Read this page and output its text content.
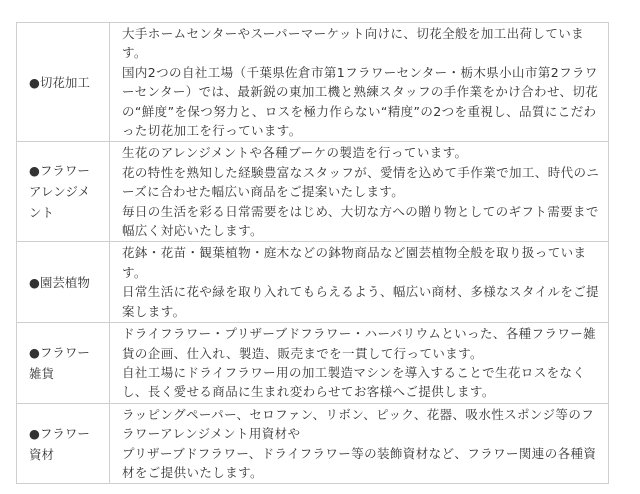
●切花加工

大手ホームセンターやスーパーマーケット向けに、切花全般を加工出荷しています。

国内2つの自社工場（千葉県佐倉市第1フラワーセンター・栃木県小山市第2フラワーセンター）では、最新鋭の東加工機と熟練スタッフの手作業をかけ合わせ、切花の“鮮度”を保つ努力と、ロスを極力作らない“精度”の2つを重視し、品質にこだわった切花加工を行っています。

●フラワー
アレンジメ
ント

生花のアレンジメントや各種ブーケの製造を行っています。

花の特性を熟知した経験豊富なスタッフが、愛情を込めて手作業で加工、時代のニーズに合わせた幅広い商品をご提案いたします。

毎日の生活を彩る日常需要をはじめ、大切な方への贈り物としてのギフト需要まで幅広く対応いたします。

●園芸植物

花鉢・花苗・観葉植物・庭木などの鉢物商品など園芸植物全般を取り扱っています。

日常生活に花や緑を取り入れてもらえるよう、幅広い商材、多様なスタイルをご提案します。

●フラワー
雑貨

ドライフラワー・プリザーブドフラワー・ハーバリウムといった、各種フラワー雑貨の企画、仕入れ、製造、販売までを一貫して行っています。

自社工場にドライフラワー用の加工製造マシンを導入することで生花ロスをなくし、長く愛せる商品に生まれ変わらせてお客様へご提供します。

●フラワー
資材

ラッピングペーパー、セロファン、リボン、ピック、花器、吸水性スポンジ等のフラワーアレンジメント用資材や

プリザーブドフラワー、ドライフラワー等の装飾資材など、フラワー関連の各種資材をご提供いたします。
